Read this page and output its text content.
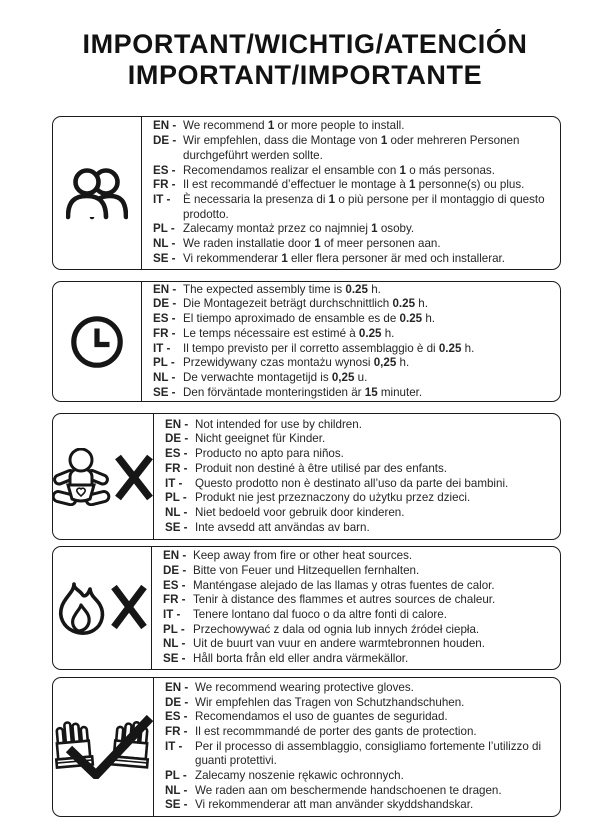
IMPORTANT/WICHTIG/ATENCIÓN
IMPORTANT/IMPORTANTE
EN - We recommend 1 or more people to install.
DE - Wir empfehlen, dass die Montage von 1 oder mehreren Personen durchgeführt werden sollte.
ES - Recomendamos realizar el ensamble con 1 o más personas.
FR - Il est recommandé d’effectuer le montage à 1 personne(s) ou plus.
IT -	È necessaria la presenza di 1 o più persone per il montaggio di questo prodotto.
PL - Zalecamy montaż przez co najmniej 1 osoby.
NL - We raden installatie door 1 of meer personen aan.
SE - Vi rekommenderar 1 eller flera personer är med och installerar.
EN - The expected assembly time is 0.25 h.
DE - Die Montagezeit beträgt durchschnittlich 0.25 h.
ES - El tiempo aproximado de ensamble es de 0.25 h.
FR - Le temps nécessaire est estimé à 0.25 h.
IT -	Il tempo previsto per il corretto assemblaggio è di 0.25 h.
PL - Przewidywany czas montażu wynosi 0,25 h.
NL - De verwachte montagetijd is 0,25 u.
SE - Den förväntade monteringstiden är 15 minuter.
EN - Not intended for use by children.
DE - Nicht geeignet für Kinder.
ES - Producto no apto para niños.
FR - Produit non destiné à être utilisé par des enfants.
IT -	Questo prodotto non è destinato all’uso da parte dei bambini.
PL - Produkt nie jest przeznaczony do użytku przez dzieci.
NL - Niet bedoeld voor gebruik door kinderen.
SE - Inte avsedd att användas av barn.
EN - Keep away from fire or other heat sources.
DE - Bitte von Feuer und Hitzequellen fernhalten.
ES - Manténgase alejado de las llamas y otras fuentes de calor.
FR - Tenir à distance des flammes et autres sources de chaleur.
IT -	Tenere lontano dal fuoco o da altre fonti di calore.
PL - Przechowywać z dala od ognia lub innych źródeł ciepła.
NL - Uit de buurt van vuur en andere warmtebronnen houden.
SE - Håll borta från eld eller andra värmekällor.
EN - We recommend wearing protective gloves.
DE - Wir empfehlen das Tragen von Schutzhandschuhen.
ES - Recomendamos el uso de guantes de seguridad.
FR - Il est recommmandé de porter des gants de protection.
IT -	Per il processo di assemblaggio, consigliamo fortemente l’utilizzo di guanti protettivi.
PL - Zalecamy noszenie rękawic ochronnych.
NL - We raden aan om beschermende handschoenen te dragen.
SE - Vi rekommenderar att man använder skyddshandskar.
